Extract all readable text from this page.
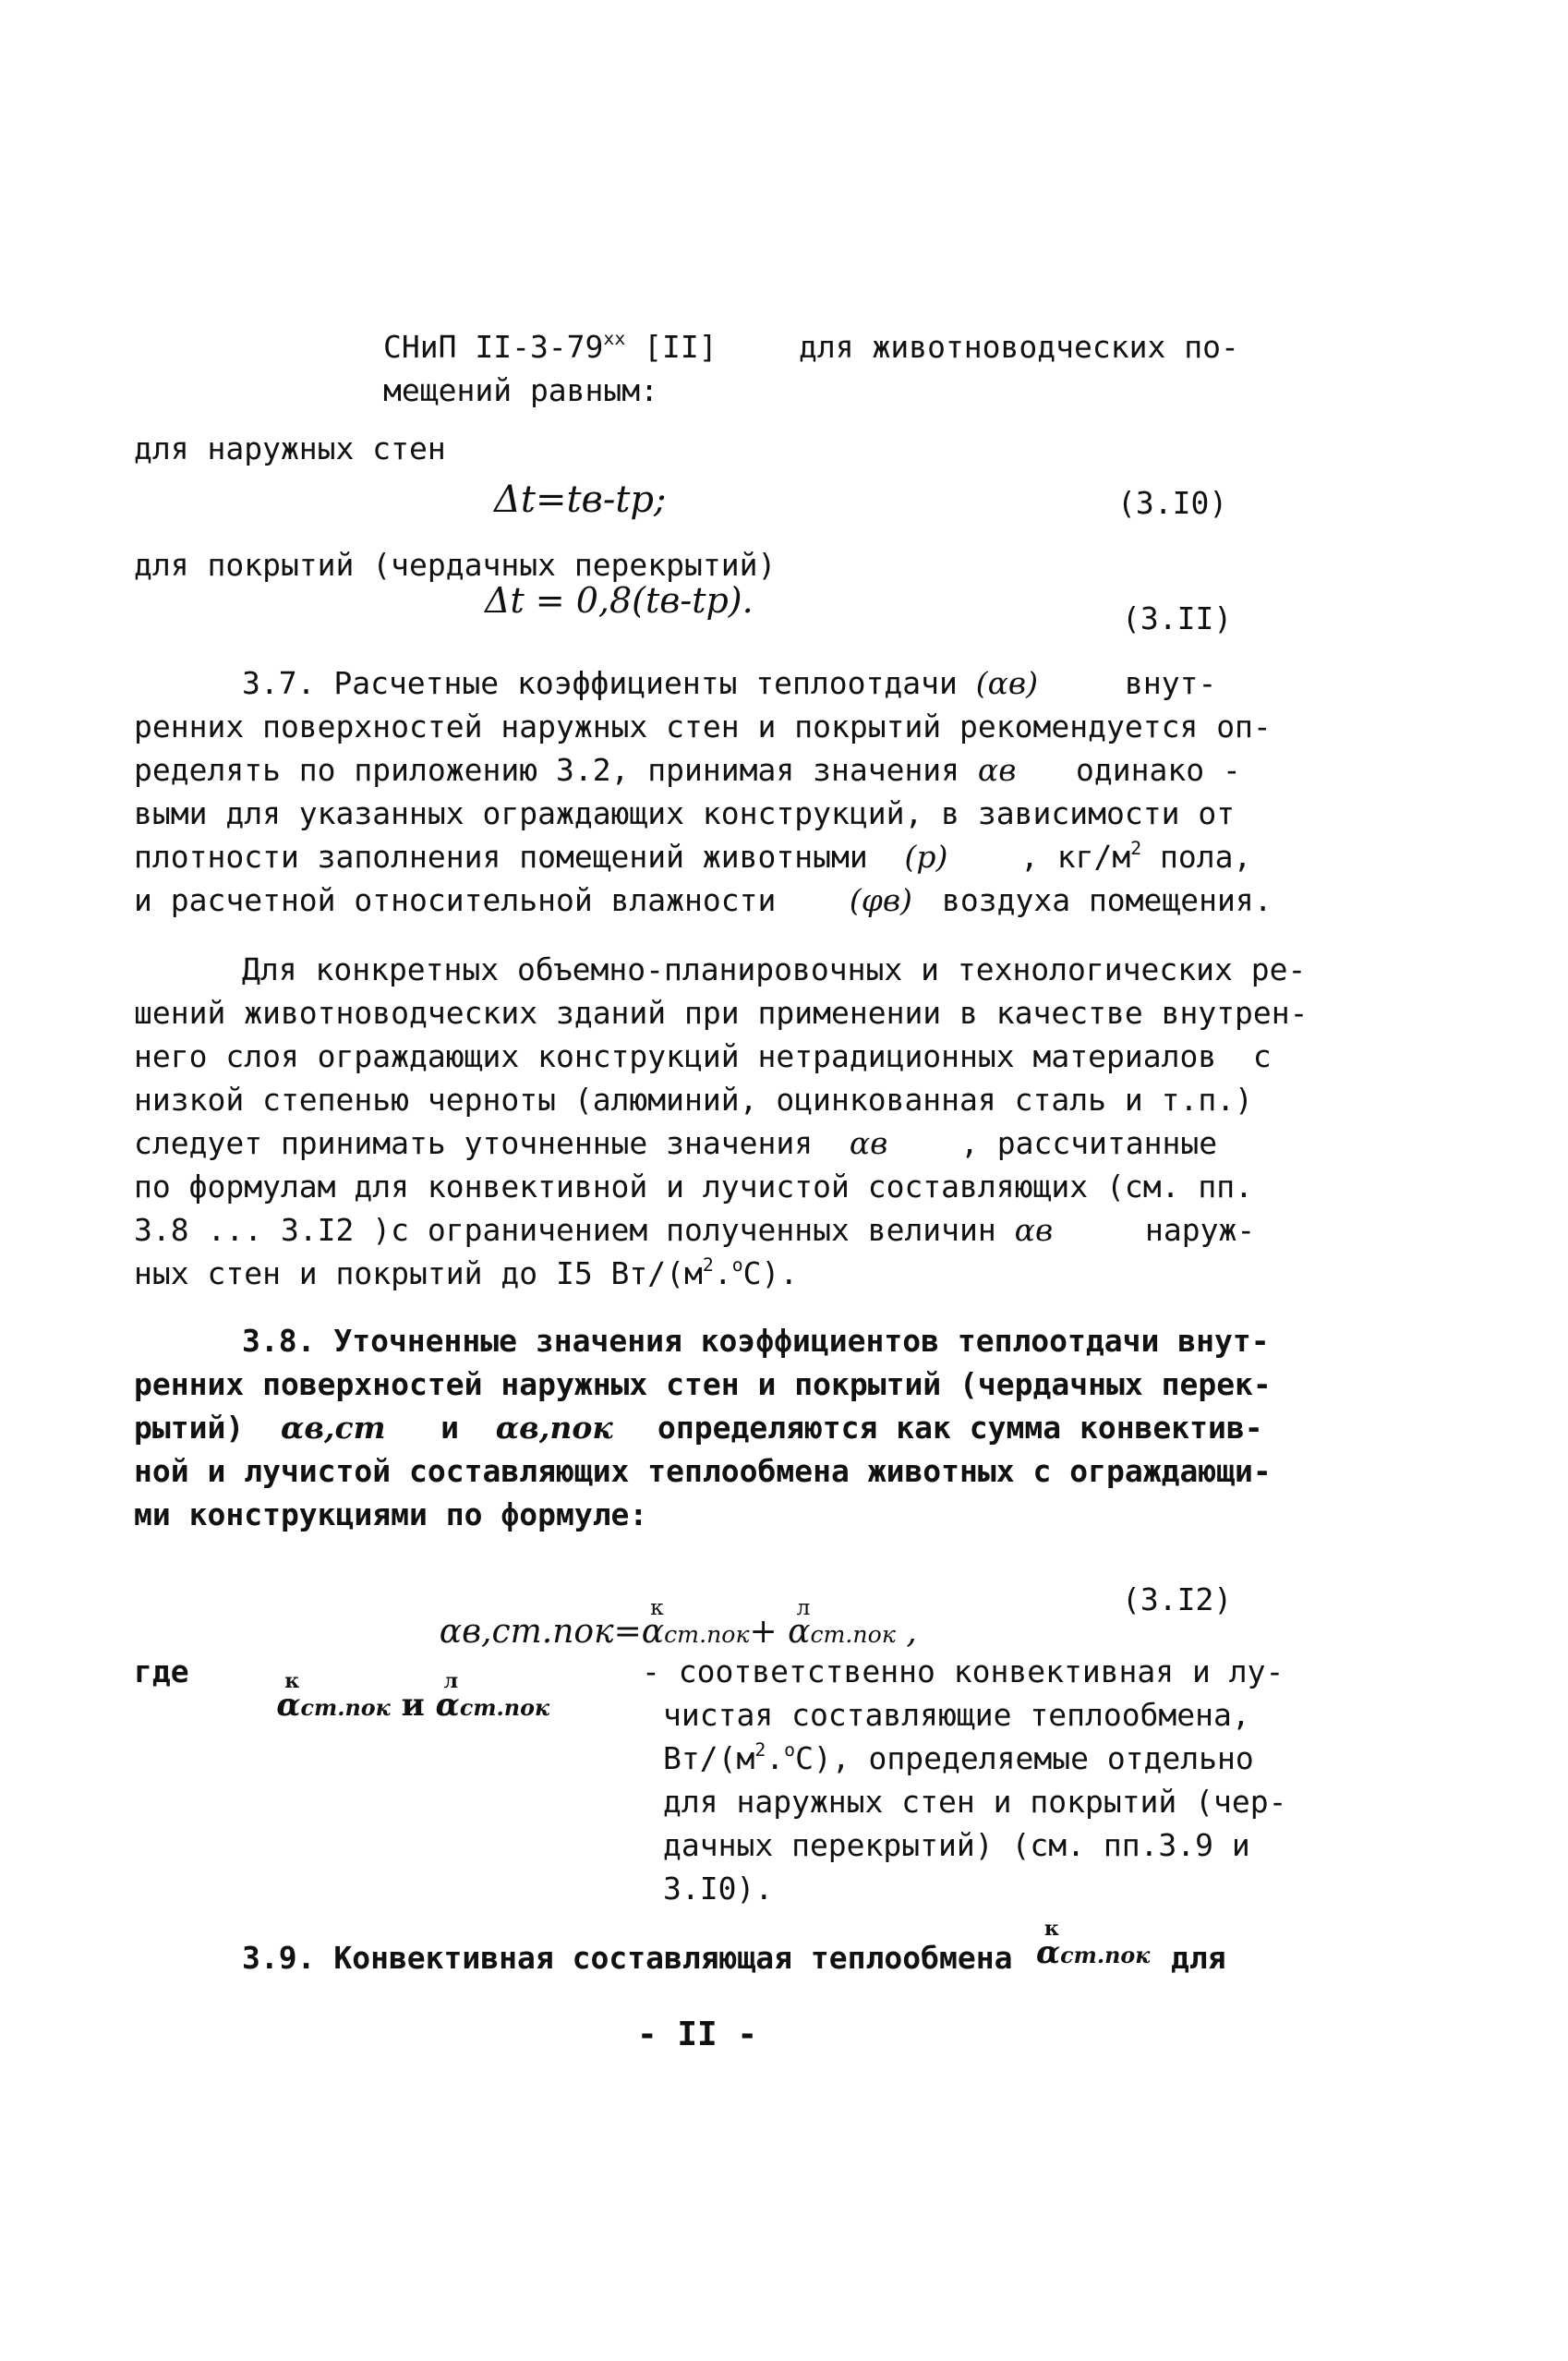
СНиП $II-3-79^{хх}$ [II]	для животноводческих по-
мещений равным:
для наружных стен
Δt=tв-tр;	(3.I0)
для покрытий (чердачных перекрытий)
Δt = 0,8(tв-tр).	(3.II)
3.7. Расчетные коэффициенты теплоотдачи (αв)	внут-
ренних поверхностей наружных стен и покрытий рекомендуется оп-
ределять по приложению 3.2, принимая значения αв одинако -
выми для указанных ограждающих конструкций, в зависимости от
плотности заполнения помещений животными (р) , $кг/м^2$ пола,
и расчетной относительной влажности (φв) воздуха помещения.
Для конкретных объемно-планировочных и технологических ре-
шений животноводческих зданий при применении в качестве внутрен-
него слоя ограждающих конструкций нетрадиционных материалов  с
низкой степенью черноты (алюминий, оцинкованная сталь и т.п.)
следует принимать уточненные значения αв , рассчитанные
по формулам для конвективной и лучистой составляющих (см. пп.
3.8 ... 3.I2 )с ограничением полученных величин αв	наруж-
ных стен и покрытий до I5 $Вт/(м^2.^оС)$.
3.8. Уточненные значения коэффициентов теплоотдачи внут-
ренних поверхностей наружных стен и покрытий (чердачных перек-
рытий) αв,ст и αв,пок определяются как сумма конвектив-
ной и лучистой составляющих теплообмена животных с ограждающи-
ми конструкциями по формуле:

αв,ст.пок=α
к
ст.пок+ α
л
ст.пок ,

(3.I2)
где

α
к
ст.пок и α
л
ст.пок

- соответственно конвективная и лу-
чистая составляющие теплообмена,
$Вт/(м^2.^оС)$, определяемые отдельно
для наружных стен и покрытий (чер-
дачных перекрытий) (см. пп.3.9 и
3.I0).
3.9. Конвективная составляющая теплообмена α
к
ст.пок для
- II -
